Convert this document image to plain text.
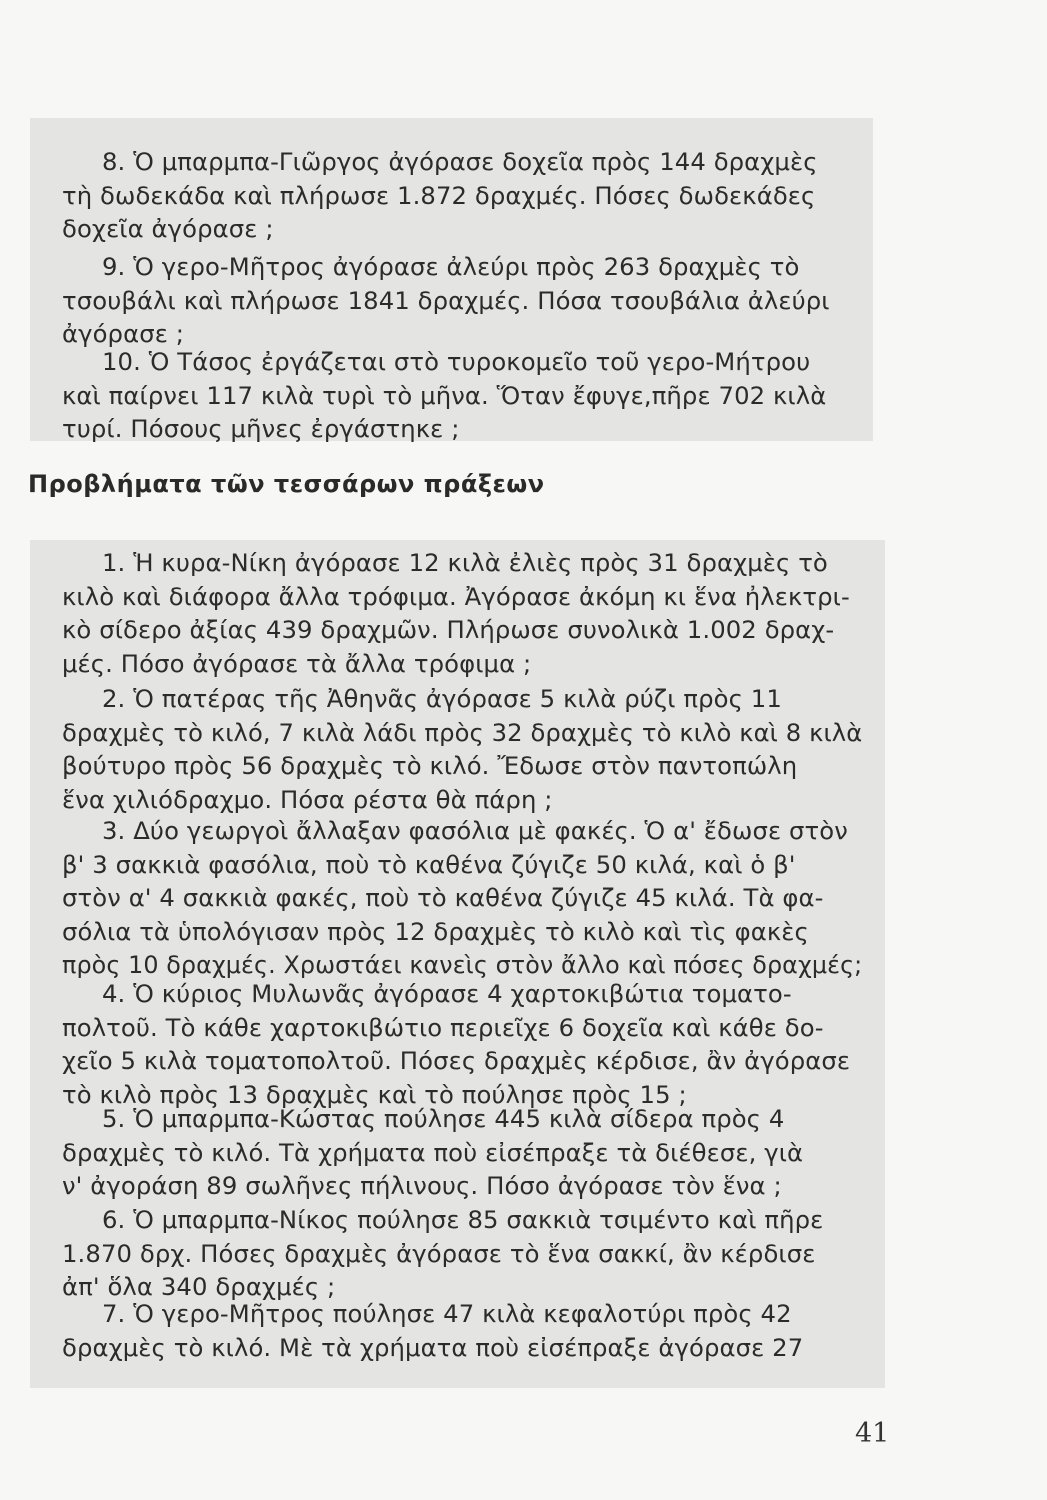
8. Ὁ μπαρμπα-Γιῶργος ἀγόρασε δοχεῖα πρὸς 144 δραχμὲς
τὴ δωδεκάδα καὶ πλήρωσε 1.872 δραχμές. Πόσες δωδεκάδες
δοχεῖα ἀγόρασε ;
9. Ὁ γερο-Μῆτρος ἀγόρασε ἀλεύρι πρὸς 263 δραχμὲς τὸ
τσουβάλι καὶ πλήρωσε 1841 δραχμές. Πόσα τσουβάλια ἀλεύρι
ἀγόρασε ;
10. Ὁ Τάσος ἐργάζεται στὸ τυροκομεῖο τοῦ γερο-Μήτρου
καὶ παίρνει 117 κιλὰ τυρὶ τὸ μῆνα. Ὅταν ἔφυγε,πῆρε 702 κιλὰ
τυρί. Πόσους μῆνες ἐργάστηκε ;
Προβλήματα τῶν τεσσάρων πράξεων
1. Ἡ κυρα-Νίκη ἀγόρασε 12 κιλὰ ἐλιὲς πρὸς 31 δραχμὲς τὸ
κιλὸ καὶ διάφορα ἄλλα τρόφιμα. Ἀγόρασε ἀκόμη κι ἕνα ἠλεκτρι-
κὸ σίδερο ἀξίας 439 δραχμῶν. Πλήρωσε συνολικὰ 1.002 δραχ-
μές. Πόσο ἀγόρασε τὰ ἄλλα τρόφιμα ;
2. Ὁ πατέρας τῆς Ἀθηνᾶς ἀγόρασε 5 κιλὰ ρύζι πρὸς 11
δραχμὲς τὸ κιλό, 7 κιλὰ λάδι πρὸς 32 δραχμὲς τὸ κιλὸ καὶ 8 κιλὰ
βούτυρο πρὸς 56 δραχμὲς τὸ κιλό. Ἔδωσε στὸν παντοπώλη
ἕνα χιλιόδραχμο. Πόσα ρέστα θὰ πάρη ;
3. Δύο γεωργοὶ ἄλλαξαν φασόλια μὲ φακές. Ὁ α' ἔδωσε στὸν
β' 3 σακκιὰ φασόλια, ποὺ τὸ καθένα ζύγιζε 50 κιλά, καὶ ὁ β'
στὸν α' 4 σακκιὰ φακές, ποὺ τὸ καθένα ζύγιζε 45 κιλά. Τὰ φα-
σόλια τὰ ὑπολόγισαν πρὸς 12 δραχμὲς τὸ κιλὸ καὶ τὶς φακὲς
πρὸς 10 δραχμές. Χρωστάει κανεὶς στὸν ἄλλο καὶ πόσες δραχμές;
4. Ὁ κύριος Μυλωνᾶς ἀγόρασε 4 χαρτοκιβώτια τοματο-
πολτοῦ. Τὸ κάθε χαρτοκιβώτιο περιεῖχε 6 δοχεῖα καὶ κάθε δο-
χεῖο 5 κιλὰ τοματοπολτοῦ. Πόσες δραχμὲς κέρδισε, ἂν ἀγόρασε
τὸ κιλὸ πρὸς 13 δραχμὲς καὶ τὸ πούλησε πρὸς 15 ;
5. Ὁ μπαρμπα-Κώστας πούλησε 445 κιλὰ σίδερα πρὸς 4
δραχμὲς τὸ κιλό. Τὰ χρήματα ποὺ εἰσέπραξε τὰ διέθεσε, γιὰ
ν' ἀγοράση 89 σωλῆνες πήλινους. Πόσο ἀγόρασε τὸν ἕνα ;
6. Ὁ μπαρμπα-Νίκος πούλησε 85 σακκιὰ τσιμέντο καὶ πῆρε
1.870 δρχ. Πόσες δραχμὲς ἀγόρασε τὸ ἕνα σακκί, ἂν κέρδισε
ἀπ' ὅλα 340 δραχμές ;
7. Ὁ γερο-Μῆτρος πούλησε 47 κιλὰ κεφαλοτύρι πρὸς 42
δραχμὲς τὸ κιλό. Μὲ τὰ χρήματα ποὺ εἰσέπραξε ἀγόρασε 27
41
